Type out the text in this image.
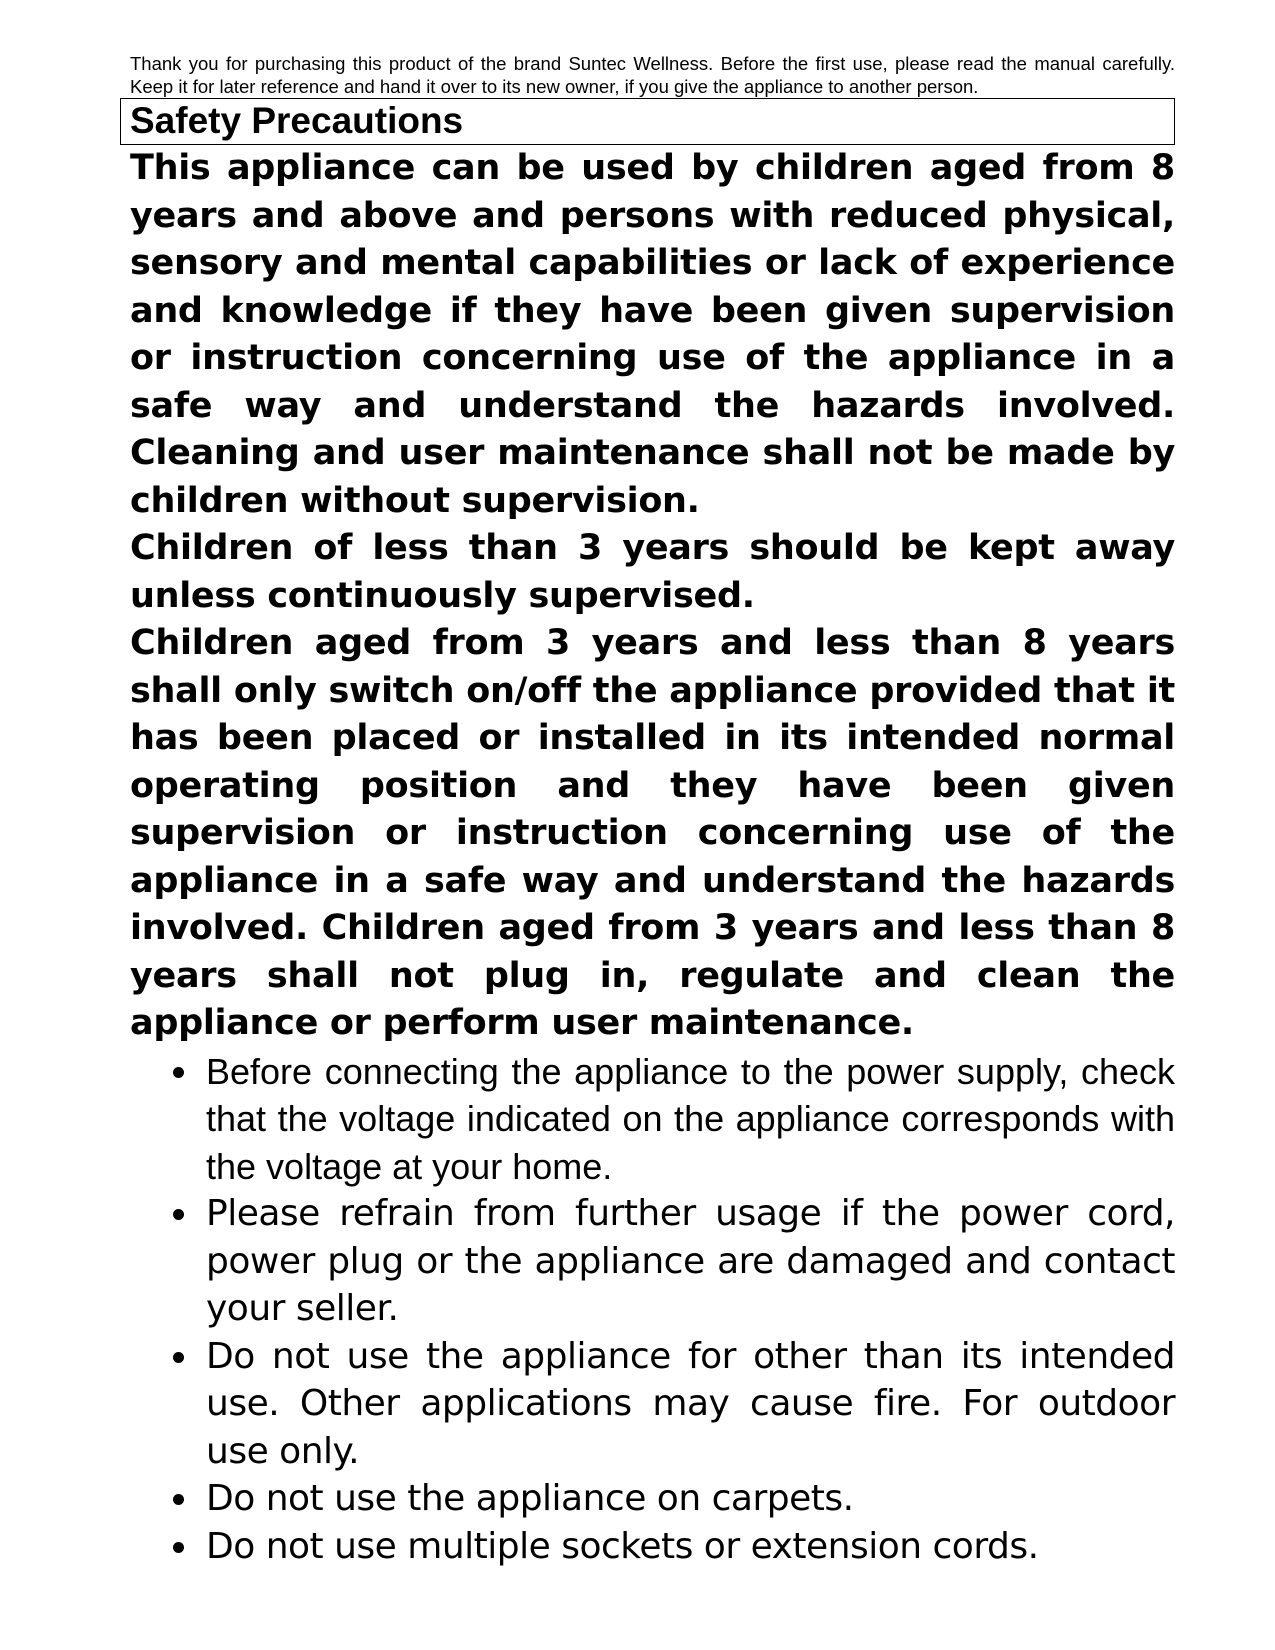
Thank you for purchasing this product of the brand Suntec Wellness. Before the first use, please read the manual carefully. Keep it for later reference and hand it over to its new owner, if you give the appliance to another person.

Safety Precautions

This appliance can be used by children aged from 8 years and above and persons with reduced physical, sensory and mental capabilities or lack of experience and knowledge if they have been given supervision or instruction concerning use of the appliance in a safe way and understand the hazards involved. Cleaning and user maintenance shall not be made by children without supervision.

Children of less than 3 years should be kept away unless continuously supervised.

Children aged from 3 years and less than 8 years shall only switch on/off the appliance provided that it has been placed or installed in its intended normal operating position and they have been given supervision or instruction concerning use of the appliance in a safe way and understand the hazards involved. Children aged from 3 years and less than 8 years shall not plug in, regulate and clean the appliance or perform user maintenance.

Before connecting the appliance to the power supply, check that the voltage indicated on the appliance corresponds with the voltage at your home.
Please refrain from further usage if the power cord, power plug or the appliance are damaged and contact your seller.
Do not use the appliance for other than its intended use. Other applications may cause fire. For outdoor use only.
Do not use the appliance on carpets.
Do not use multiple sockets or extension cords.
